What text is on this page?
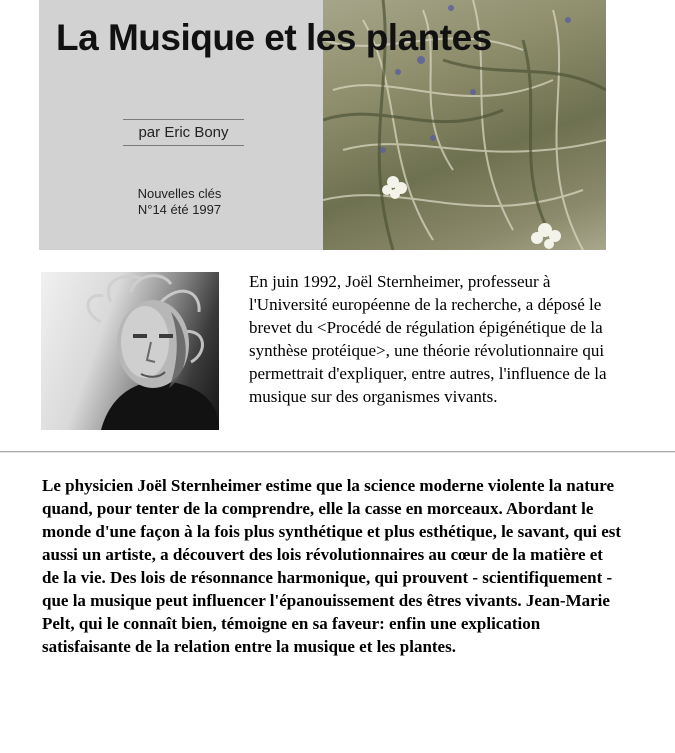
La Musique et les plantes
par Eric Bony
Nouvelles clés
N°14 été 1997

En juin 1992, Joël Sternheimer, professeur à l'Université européenne de la recherche, a déposé le brevet du <Procédé de régulation épigénétique de la synthèse protéique>, une théorie révolutionnaire qui permettrait d'expliquer, entre autres, l'influence de la musique sur des organismes vivants.

Le physicien Joël Sternheimer estime que la science moderne violente la nature quand, pour tenter de la comprendre, elle la casse en morceaux. Abordant le monde d'une façon à la fois plus synthétique et plus esthétique, le savant, qui est aussi un artiste, a découvert des lois révolutionnaires au cœur de la matière et de la vie. Des lois de résonnance harmonique, qui prouvent - scientifiquement - que la musique peut influencer l'épanouissement des êtres vivants. Jean-Marie Pelt, qui le connaît bien, témoigne en sa faveur: enfin une explication satisfaisante de la relation entre la musique et les plantes.
